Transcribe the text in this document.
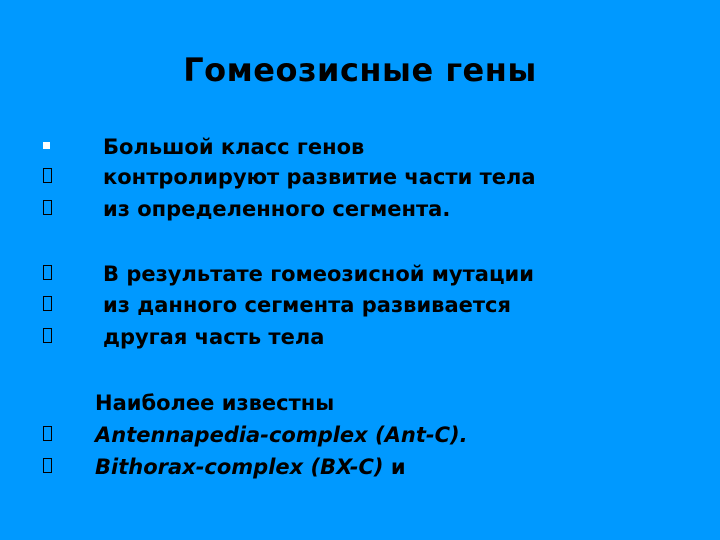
Гомеозисные гены
Большой класс генов
контролируют развитие части тела
из определенного сегмента.
В результате гомеозисной мутации
из данного сегмента развивается
другая часть тела
Наиболее известны
Antennapedia-complex (Ant-C).
Bithorax-complex (BX-C) и
